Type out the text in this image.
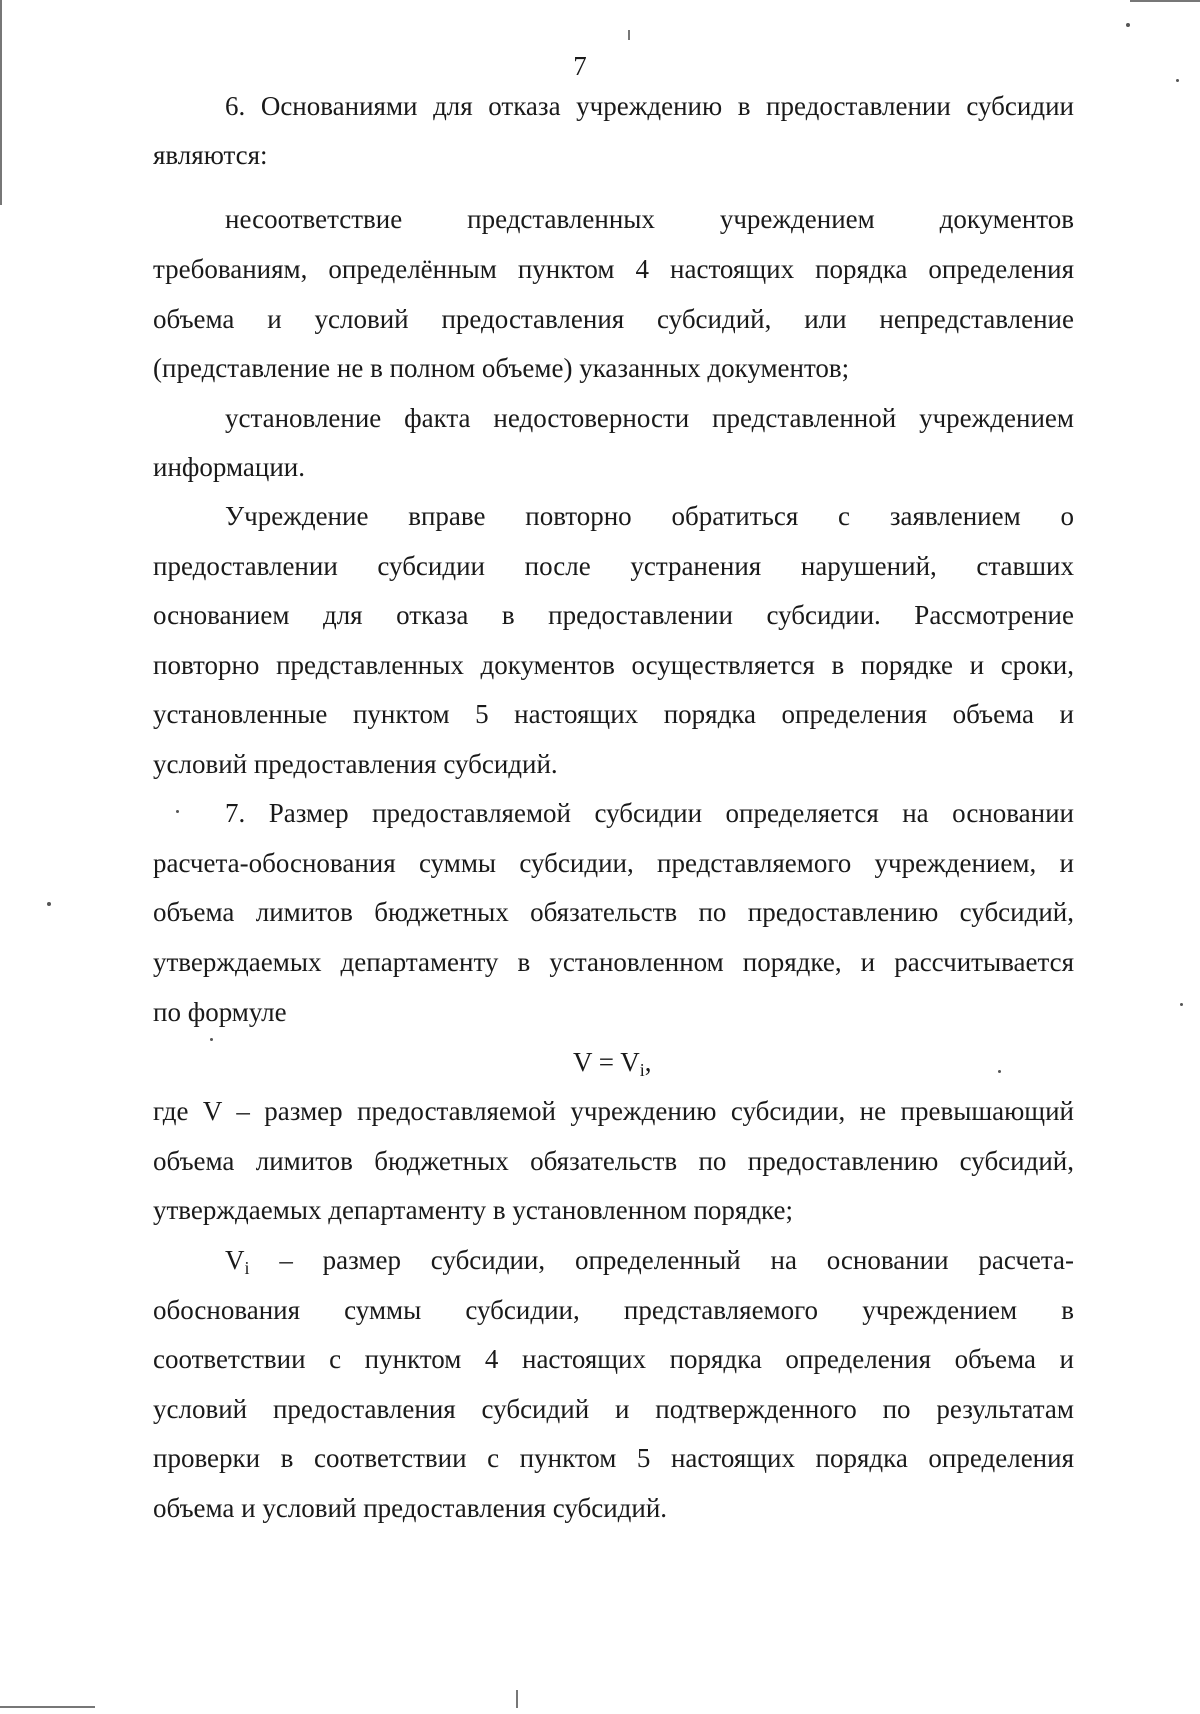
7
6. Основаниями для отказа учреждению в предоставлении субсидии
являются:
несоответствие представленных учреждением документов
требованиям, определённым пунктом 4 настоящих порядка определения
объема и условий предоставления субсидий, или непредставление
(представление не в полном объеме) указанных документов;
установление факта недостоверности представленной учреждением
информации.
Учреждение вправе повторно обратиться с заявлением о
предоставлении субсидии после устранения нарушений, ставших
основанием для отказа в предоставлении субсидии. Рассмотрение
повторно представленных документов осуществляется в порядке и сроки,
установленные пунктом 5 настоящих порядка определения объема и
условий предоставления субсидий.
7. Размер предоставляемой субсидии определяется на основании
расчета-обоснования суммы субсидии, представляемого учреждением, и
объема лимитов бюджетных обязательств по предоставлению субсидий,
утверждаемых департаменту в установленном порядке, и рассчитывается
по формуле
$V = V_i$,
где V – размер предоставляемой учреждению субсидии, не превышающий
объема лимитов бюджетных обязательств по предоставлению субсидий,
утверждаемых департаменту в установленном порядке;
$V_i$ – размер субсидии, определенный на основании расчета-
обоснования суммы субсидии, представляемого учреждением в
соответствии с пунктом 4 настоящих порядка определения объема и
условий предоставления субсидий и подтвержденного по результатам
проверки в соответствии с пунктом 5 настоящих порядка определения
объема и условий предоставления субсидий.
